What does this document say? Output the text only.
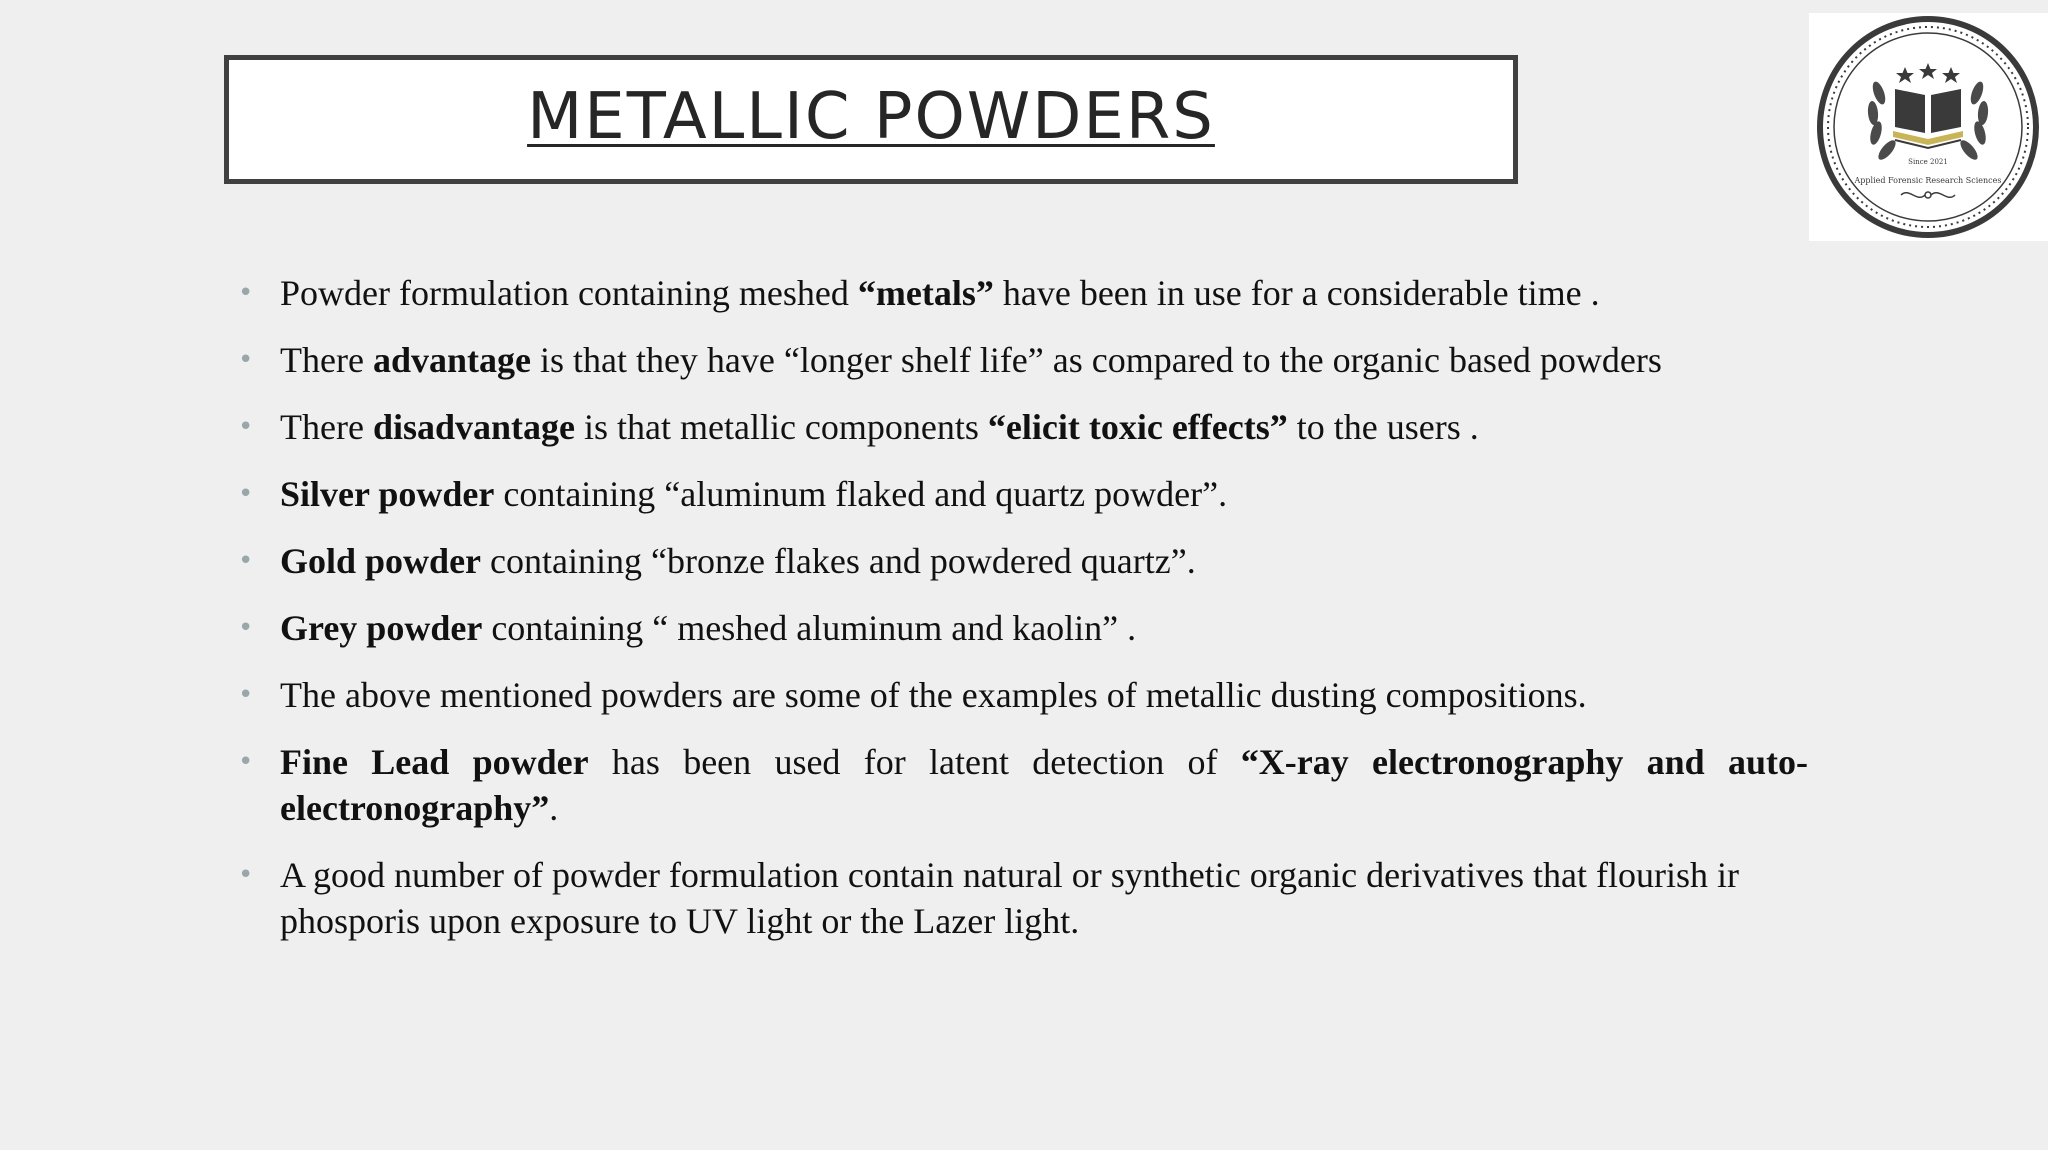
METALLIC POWDERS
Since 2021
Applied Forensic Research Sciences
• Powder formulation containing meshed “metals” have been in use for a considerable time .
• There advantage is that they have “longer shelf life” as compared to the organic based powders
• There disadvantage is that metallic components “elicit toxic effects” to the users .
• Silver powder containing “aluminum flaked and quartz powder”.
• Gold powder containing “bronze flakes and powdered quartz”.
• Grey powder containing “ meshed aluminum and kaolin” .
• The above mentioned powders are some of the examples of metallic dusting compositions.
• Fine Lead powder has been used for latent detection of “X-ray electronography and auto-electronography”.
• A good number of powder formulation contain natural or synthetic organic derivatives that flourish ir phosporis upon exposure to UV light or the Lazer light.
